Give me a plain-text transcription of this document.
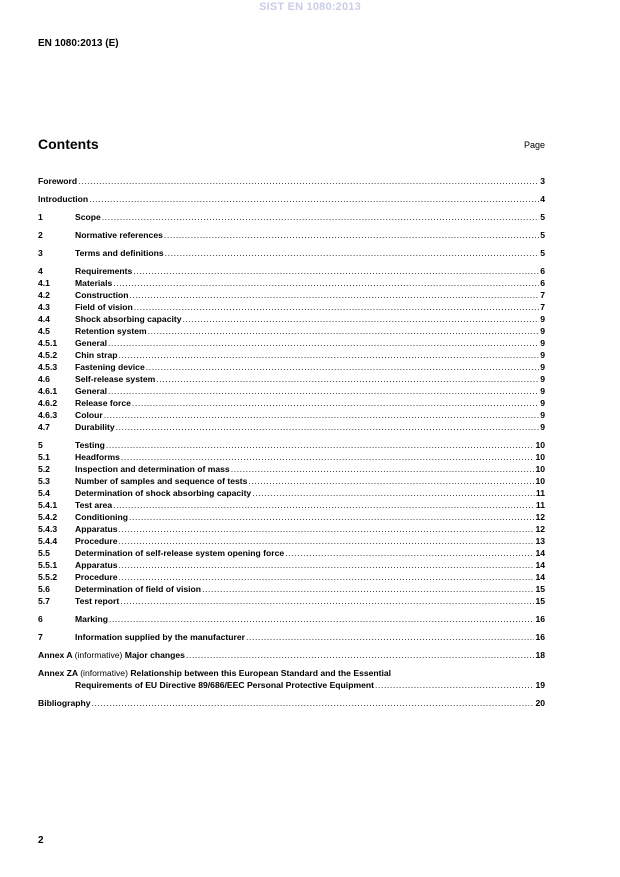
SIST EN 1080:2013
EN 1080:2013 (E)
Contents	Page
Foreword .....	3
Introduction .....	4
1	Scope .....	5
2	Normative references .....	5
3	Terms and definitions .....	5
4	Requirements .....	6
4.1	Materials .....	6
4.2	Construction .....	7
4.3	Field of vision .....	7
4.4	Shock absorbing capacity .....	9
4.5	Retention system .....	9
4.5.1	General .....	9
4.5.2	Chin strap .....	9
4.5.3	Fastening device .....	9
4.6	Self-release system .....	9
4.6.1	General .....	9
4.6.2	Release force .....	9
4.6.3	Colour .....	9
4.7	Durability .....	9
5	Testing .....	10
5.1	Headforms .....	10
5.2	Inspection and determination of mass .....	10
5.3	Number of samples and sequence of tests .....	10
5.4	Determination of shock absorbing capacity .....	11
5.4.1	Test area .....	11
5.4.2	Conditioning .....	12
5.4.3	Apparatus .....	12
5.4.4	Procedure .....	13
5.5	Determination of self-release system opening force .....	14
5.5.1	Apparatus .....	14
5.5.2	Procedure .....	14
5.6	Determination of field of vision .....	15
5.7	Test report .....	15
6	Marking .....	16
7	Information supplied by the manufacturer .....	16
Annex A (informative) Major changes .....	18
Annex ZA (informative) Relationship between this European Standard and the Essential
Requirements of EU Directive 89/686/EEC Personal Protective Equipment .....	19
Bibliography .....	20
2
